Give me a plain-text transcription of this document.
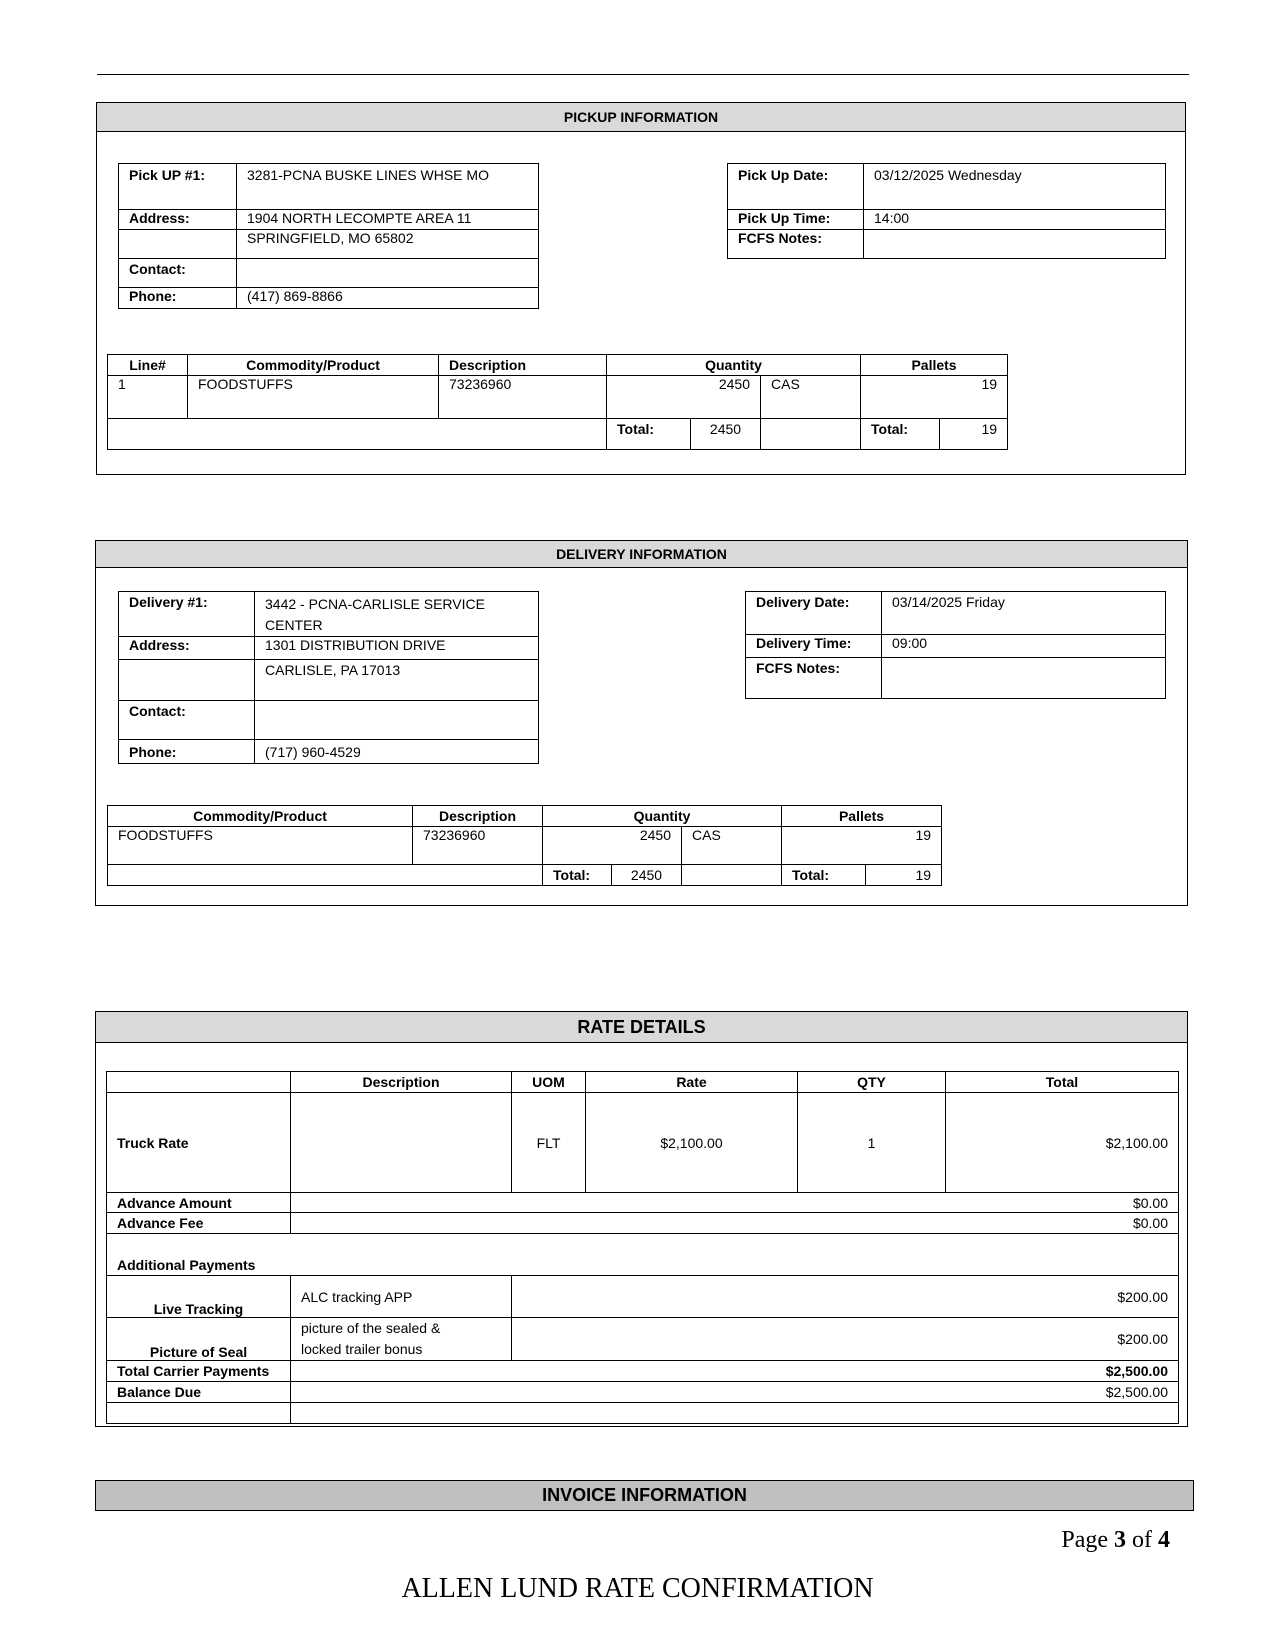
PICKUP INFORMATION
Pick UP #1:	3281-PCNA BUSKE LINES WHSE MO
Address:	1904 NORTH LECOMPTE AREA 11
	SPRINGFIELD, MO 65802
Contact:	
Phone:	(417) 869-8866
Pick Up Date:	03/12/2025 Wednesday
Pick Up Time:	14:00
FCFS Notes:	
Line#	Commodity/Product	Description	Quantity			Pallets	
1	FOODSTUFFS	73236960	2450		CAS	19	
			Total:	2450		Total:	19
DELIVERY INFORMATION
Delivery #1:	3442 - PCNA-CARLISLE SERVICE
CENTER

Address:	1301 DISTRIBUTION DRIVE
	CARLISLE, PA 17013
Contact:	
Phone:	(717) 960-4529
Delivery Date:	03/14/2025 Friday
Delivery Time:	09:00
FCFS Notes:	
Commodity/Product	Description	Quantity			Pallets	
FOODSTUFFS	73236960	2450		CAS	19	
		Total:	2450		Total:	19
RATE DETAILS
	Description	UOM	Rate	QTY	Total
Truck Rate		FLT	$2,100.00	1	$2,100.00
Advance Amount	$0.00				
Advance Fee	$0.00				
Additional Payments					
Live Tracking	ALC tracking APP	$200.00			
Picture of Seal	picture of the sealed &
locked trailer bonus	$200.00			
Total Carrier Payments	$2,500.00				
Balance Due	$2,500.00				

INVOICE INFORMATION
Page 3 of 4
ALLEN LUND RATE CONFIRMATION
